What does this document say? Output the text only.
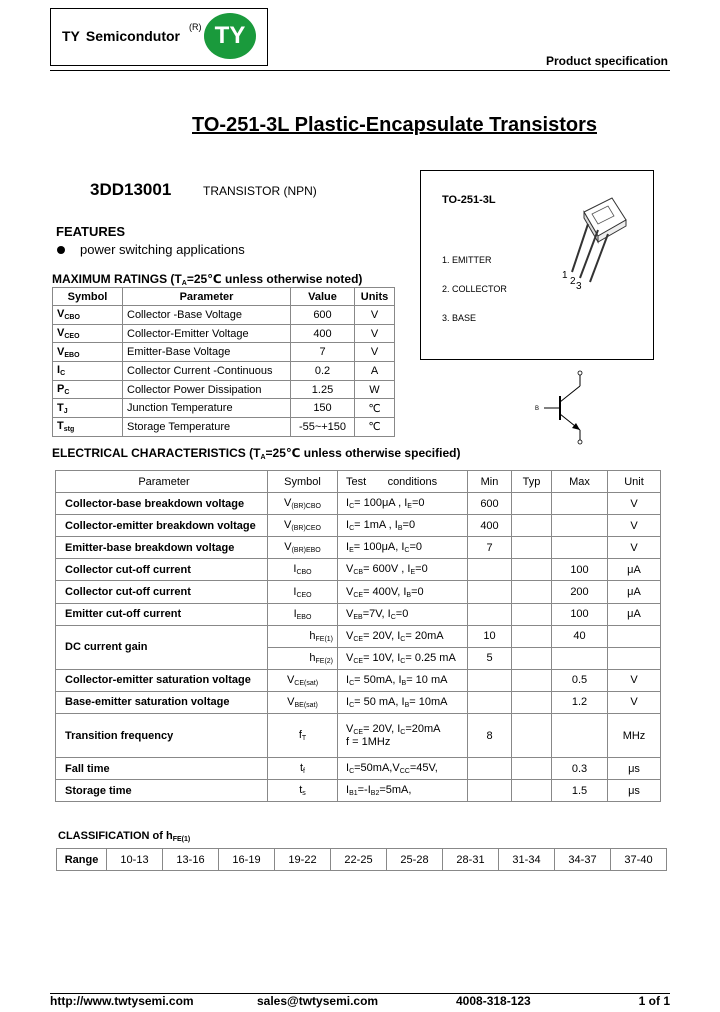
TY Semicondutor
(R) TY
Product specification
TO-251-3L Plastic-Encapsulate Transistors
3DD13001	TRANSISTOR (NPN)
FEATURES
power switching applications
TO-251-3L
1. EMITTER
2. COLLECTOR
3. BASE
1
2 3
B
MAXIMUM RATINGS ($T_A=25℃$ unless otherwise noted)
Symbol	Parameter	Value	Units
$V_{CBO}$	Collector -Base Voltage	600	V
$V_{CEO}$	Collector-Emitter Voltage	400	V
$V_{EBO}$	Emitter-Base Voltage	7	V
$I_C$	Collector Current -Continuous	0.2	A
$P_C$	Collector Power Dissipation	1.25	W
$T_J$	Junction Temperature	150	℃
$T_{stg}$	Storage Temperature	-55~+150	℃
ELECTRICAL CHARACTERISTICS ($T_A=25℃$ unless otherwise specified)
Parameter	Symbol	Test       conditions	Min	Typ	Max	Unit
Collector-base breakdown voltage	$V_{(BR)CBO}$	$I_C= 100\mu A$ , $I_E=0$	600			V
Collector-emitter breakdown voltage	$V_{(BR)CEO}$	$I_C= 1mA$ , $I_B=0$	400			V
Emitter-base breakdown voltage	$V_{(BR)EBO}$	$I_E= 100\mu A$, $I_C=0$	7			V
Collector cut-off current	$I_{CBO}$	$V_{CB}= 600V$ , $I_E=0$			100	μA
Collector cut-off current	$I_{CEO}$	$V_{CE}= 400V$, $I_B=0$			200	μA
Emitter cut-off current	$I_{EBO}$	$V_{EB}=7V$, $I_C=0$			100	μA
DC current gain	$h_{FE(1)}$	$V_{CE}= 20V$, $I_C= 20mA$	10		40	
	$h_{FE(2)}$	$V_{CE}= 10V$, $I_C= 0.25$ mA	5			
Collector-emitter saturation voltage	$V_{CE(sat)}$	$I_C= 50mA$, $I_B= 10$ mA			0.5	V
Base-emitter saturation voltage	$V_{BE(sat)}$	$I_C= 50$ mA, $I_B= 10mA$			1.2	V
Transition frequency	$f_T$	$V_{CE}= 20V$, $I_C=20mA$
f = 1MHz	8			MHz
Fall time	$t_f$	$I_C=50mA,V_{CC}=45V$,			0.3	μs
Storage time	$t_s$	$I_{B1}=-I_{B2}=5mA$,			1.5	μs
CLASSIFICATION of $h_{FE(1)}$
Range	10-13	13-16	16-19	19-22	22-25	25-28	28-31	31-34	34-37	37-40
http://www.twtysemi.com	sales@twtysemi.com	4008-318-123	1 of 1
